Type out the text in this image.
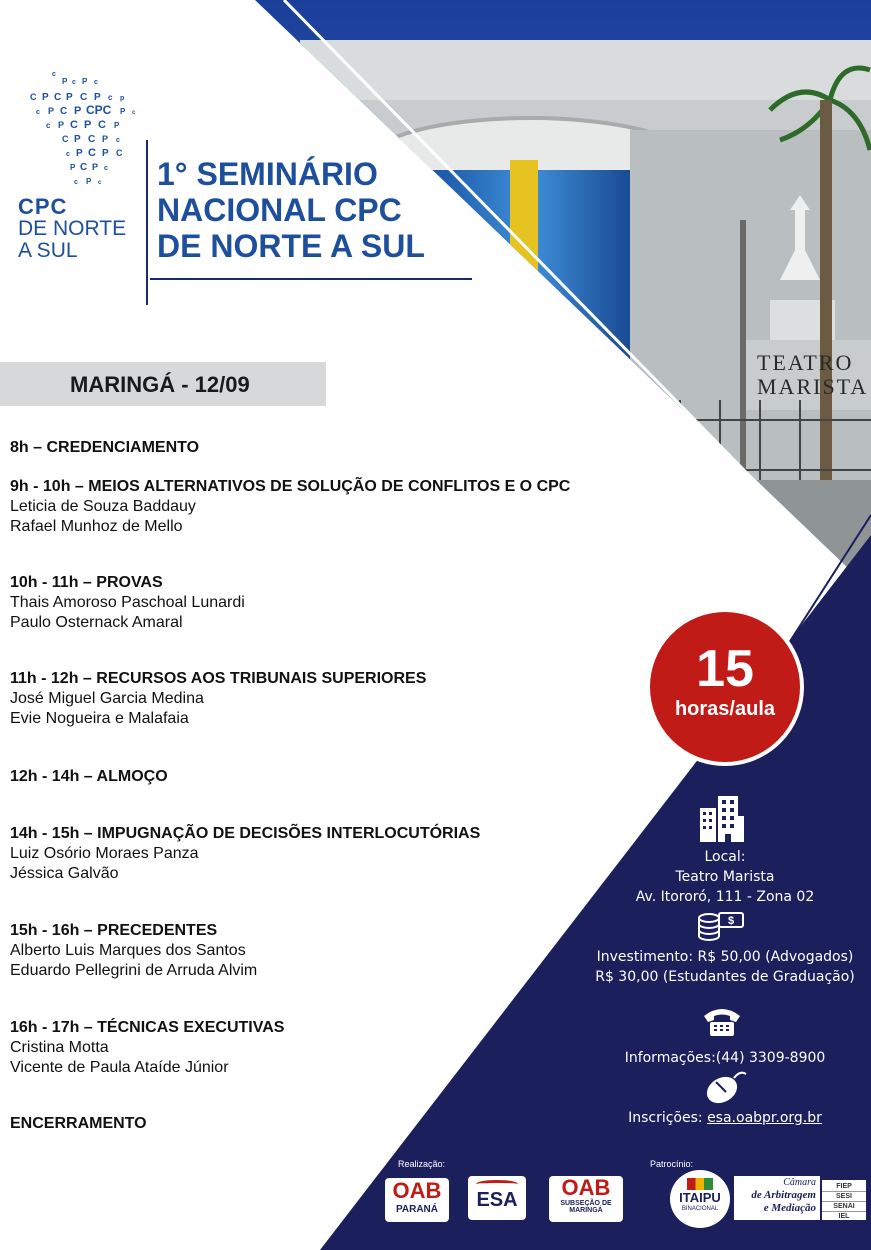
TEATRO
MARISTA
c
P c P c
C P C P C P c p
c P C P CPC P c
c P C P C P
C P C P c
c P C P C
P C P c
c P c
CPC
DE NORTE
A SUL
1° SEMINÁRIO
NACIONAL CPC
DE NORTE A SUL
MARINGÁ - 12/09
8h – CREDENCIAMENTO
9h - 10h – MEIOS ALTERNATIVOS DE SOLUÇÃO DE CONFLITOS E O CPC
Leticia de Souza Baddauy
Rafael Munhoz de Mello
10h - 11h – PROVAS
Thais Amoroso Paschoal Lunardi
Paulo Osternack Amaral
11h - 12h – RECURSOS AOS TRIBUNAIS SUPERIORES
José Miguel Garcia Medina
Evie Nogueira e Malafaia
12h - 14h – ALMOÇO
14h - 15h – IMPUGNAÇÃO DE DECISÕES INTERLOCUTÓRIAS
Luiz Osório Moraes Panza
Jéssica Galvão
15h - 16h – PRECEDENTES
Alberto Luis Marques dos Santos
Eduardo Pellegrini de Arruda Alvim
16h - 17h – TÉCNICAS EXECUTIVAS
Cristina Motta
Vicente de Paula Ataíde Júnior
ENCERRAMENTO
15
horas/aula
Local:
Teatro Marista
Av. Itororó, 111 - Zona 02
$
Investimento: R$ 50,00 (Advogados)
R$ 30,00 (Estudantes de Graduação)
Informações:(44) 3309-8900
Inscrições: esa.oabpr.org.br
Realização:	Patrocínio:
OAB
PARANÁ	ESA	OAB
SUBSEÇÃO DE
MARINGÁ
ITAIPU
BINACIONAL
Câmara
de Arbitragem
e Mediação
FIEP
SESI
SENAI
IEL
